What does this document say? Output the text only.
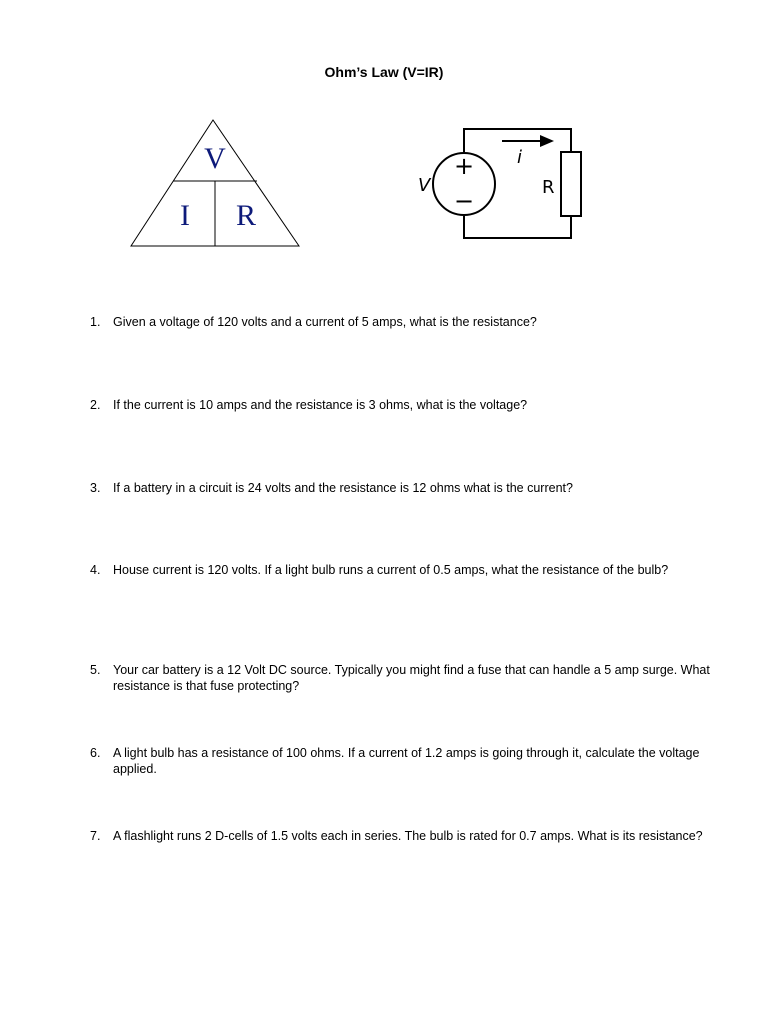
Ohm’s Law (V=IR)
V
I R
+
−
V
i
R
1.	Given a voltage of 120 volts and a current of 5 amps, what is the resistance?
2.	If the current is 10 amps and the resistance is 3 ohms, what is the voltage?
3.	If a battery in a circuit is 24 volts and the resistance is 12 ohms what is the current?
4.	House current is 120 volts. If a light bulb runs a current of 0.5 amps, what the resistance of the bulb?
5.	Your car battery is a 12 Volt DC source. Typically you might find a fuse that can handle a 5 amp surge. What resistance is that fuse protecting?
6.	A light bulb has a resistance of 100 ohms. If a current of 1.2 amps is going through it, calculate the voltage applied.
7.	A flashlight runs 2 D-cells of 1.5 volts each in series. The bulb is rated for 0.7 amps. What is its resistance?
